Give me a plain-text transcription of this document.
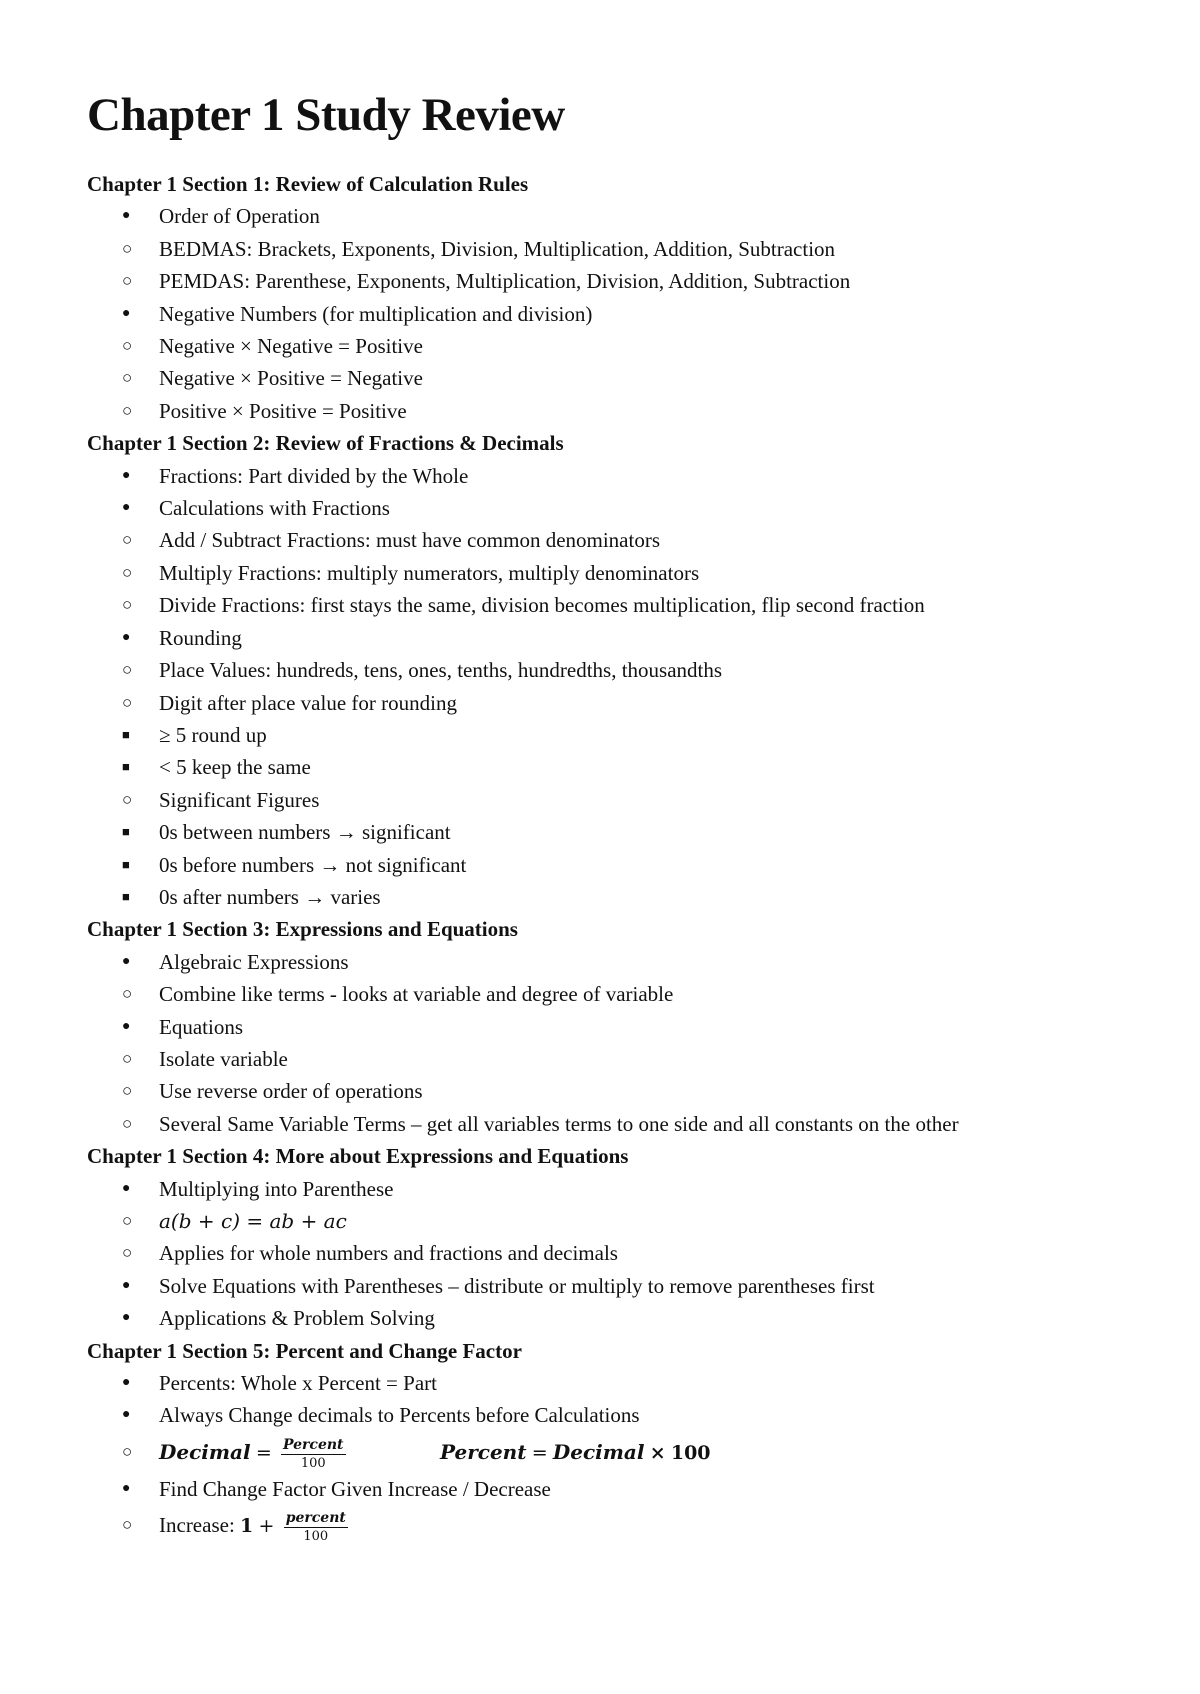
Chapter 1 Study Review
Chapter 1 Section 1: Review of Calculation Rules
● Order of Operation
○ BEDMAS: Brackets, Exponents, Division, Multiplication, Addition, Subtraction
○ PEMDAS: Parenthese, Exponents, Multiplication, Division, Addition, Subtraction
● Negative Numbers (for multiplication and division)
○ Negative × Negative = Positive
○ Negative × Positive = Negative
○ Positive × Positive = Positive
Chapter 1 Section 2: Review of Fractions & Decimals
● Fractions: Part divided by the Whole
● Calculations with Fractions
○ Add / Subtract Fractions: must have common denominators
○ Multiply Fractions: multiply numerators, multiply denominators
○ Divide Fractions: first stays the same, division becomes multiplication, flip second fraction
● Rounding
○ Place Values: hundreds, tens, ones, tenths, hundredths, thousandths
○ Digit after place value for rounding
■ ≥ 5 round up
■ < 5 keep the same
○ Significant Figures
■ 0s between numbers → significant
■ 0s before numbers → not significant
■ 0s after numbers → varies
Chapter 1 Section 3: Expressions and Equations
● Algebraic Expressions
○ Combine like terms - looks at variable and degree of variable
● Equations
○ Isolate variable
○ Use reverse order of operations
○ Several Same Variable Terms – get all variables terms to one side and all constants on the other
Chapter 1 Section 4: More about Expressions and Equations
● Multiplying into Parenthese
○ a(b + c) = ab + ac
○ Applies for whole numbers and fractions and decimals
● Solve Equations with Parentheses – distribute or multiply to remove parentheses first
● Applications & Problem Solving
Chapter 1 Section 5: Percent and Change Factor
● Percents: Whole x Percent = Part
● Always Change decimals to Percents before Calculations
○ Decimal = $\frac{\text{Percent}}{100}$	Percent = Decimal × 100
● Find Change Factor Given Increase / Decrease
○ Increase: $1 + \frac{\text{percent}}{100}$
